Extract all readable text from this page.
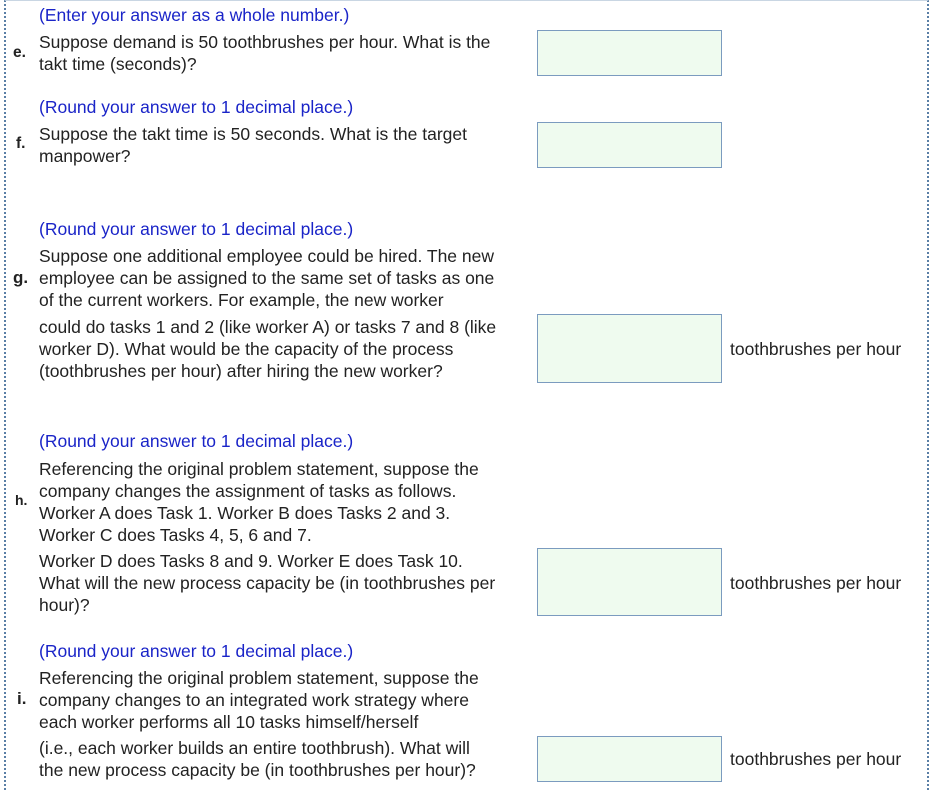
(Enter your answer as a whole number.)
e.
Suppose demand is 50 toothbrushes per hour. What is the
takt time (seconds)?
(Round your answer to 1 decimal place.)
f. Suppose the takt time is 50 seconds. What is the target
manpower?
(Round your answer to 1 decimal place.)
g.
Suppose one additional employee could be hired. The new
employee can be assigned to the same set of tasks as one
of the current workers. For example, the new worker
could do tasks 1 and 2 (like worker A) or tasks 7 and 8 (like
worker D). What would be the capacity of the process
(toothbrushes per hour) after hiring the new worker?
toothbrushes per hour
(Round your answer to 1 decimal place.)
h.
Referencing the original problem statement, suppose the
company changes the assignment of tasks as follows.
Worker A does Task 1. Worker B does Tasks 2 and 3.
Worker C does Tasks 4, 5, 6 and 7.
Worker D does Tasks 8 and 9. Worker E does Task 10.
What will the new process capacity be (in toothbrushes per
hour)?
toothbrushes per hour
(Round your answer to 1 decimal place.)
i.
Referencing the original problem statement, suppose the
company changes to an integrated work strategy where
each worker performs all 10 tasks himself/herself
(i.e., each worker builds an entire toothbrush). What will
the new process capacity be (in toothbrushes per hour)?
toothbrushes per hour
